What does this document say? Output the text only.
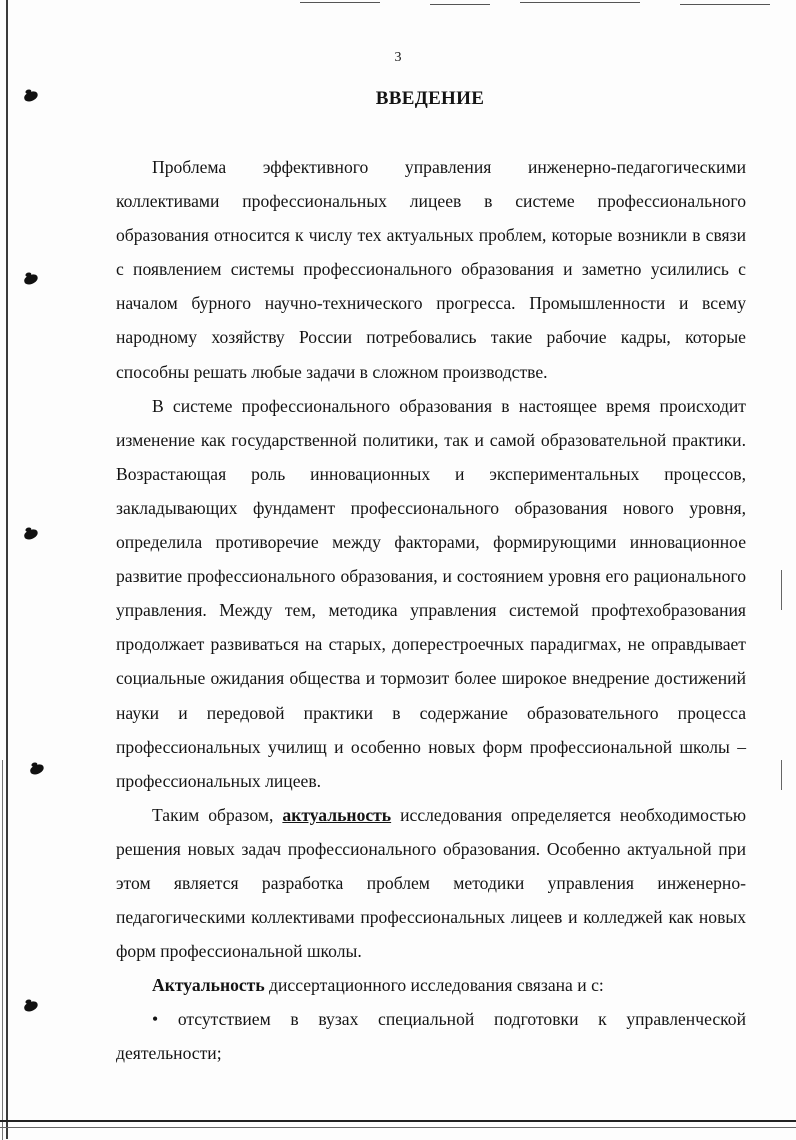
3
ВВЕДЕНИЕ

Проблема эффективного управления инженерно-педагогическими коллективами профессиональных лицеев в системе профессионального образования относится к числу тех актуальных проблем, которые возникли в связи с появлением системы профессионального образования и заметно усилились с началом бурного научно-технического прогресса. Промышленности и всему народному хозяйству России потребовались такие рабочие кадры, которые способны решать любые задачи в сложном производстве.

В системе профессионального образования в настоящее время происходит изменение как государственной политики, так и самой образовательной практики. Возрастающая роль инновационных и экспериментальных процессов, закладывающих фундамент профессионального образования нового уровня, определила противоречие между факторами, формирующими инновационное развитие профессионального образования, и состоянием уровня его рационального управления. Между тем, методика управления системой профтехобразования продолжает развиваться на старых, доперестроечных парадигмах, не оправдывает социальные ожидания общества и тормозит более широкое внедрение достижений науки и передовой практики в содержание образовательного процесса профессиональных училищ и особенно новых форм профессиональной школы – профессиональных лицеев.

Таким образом, актуальность исследования определяется необходимостью решения новых задач профессионального образования. Особенно актуальной при этом является разработка проблем методики управления инженерно-педагогическими коллективами профессиональных лицеев и колледжей как новых форм профессиональной школы.

Актуальность диссертационного исследования связана и с:

• отсутствием в вузах специальной подготовки к управленческой деятельности;
